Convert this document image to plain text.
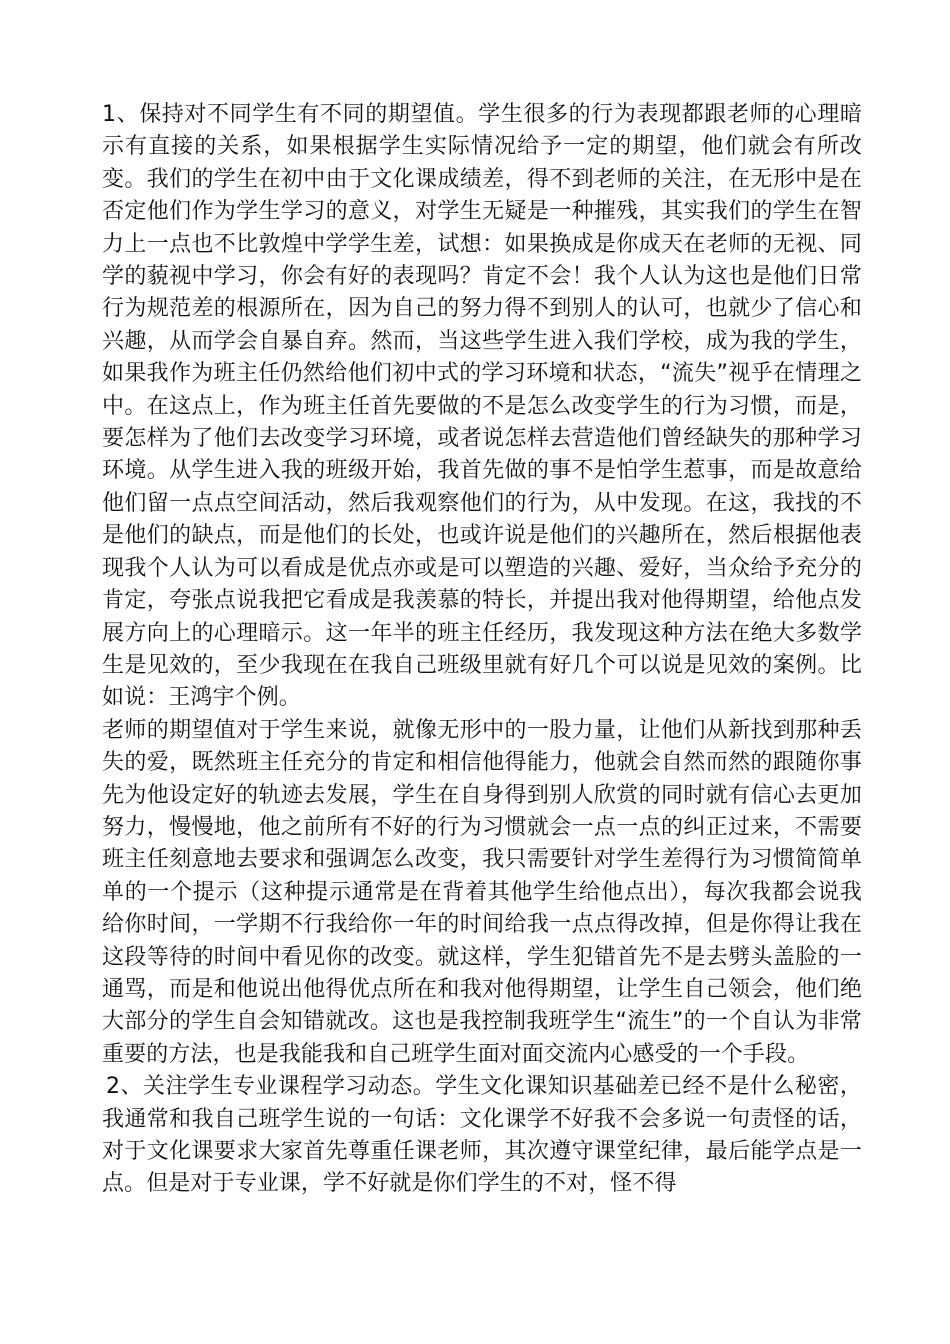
1、保持对不同学生有不同的期望值。学生很多的行为表现都跟老师的心理暗示有直接的关系，如果根据学生实际情况给予一定的期望，他们就会有所改变。我们的学生在初中由于文化课成绩差，得不到老师的关注，在无形中是在否定他们作为学生学习的意义，对学生无疑是一种摧残，其实我们的学生在智力上一点也不比敦煌中学学生差，试想：如果换成是你成天在老师的无视、同学的藐视中学习，你会有好的表现吗？肯定不会！我个人认为这也是他们日常行为规范差的根源所在，因为自己的努力得不到别人的认可，也就少了信心和兴趣，从而学会自暴自弃。然而，当这些学生进入我们学校，成为我的学生，如果我作为班主任仍然给他们初中式的学习环境和状态，“流失”视乎在情理之中。在这点上，作为班主任首先要做的不是怎么改变学生的行为习惯，而是，要怎样为了他们去改变学习环境，或者说怎样去营造他们曾经缺失的那种学习环境。从学生进入我的班级开始，我首先做的事不是怕学生惹事，而是故意给他们留一点点空间活动，然后我观察他们的行为，从中发现。在这，我找的不是他们的缺点，而是他们的长处，也或许说是他们的兴趣所在，然后根据他表现我个人认为可以看成是优点亦或是可以塑造的兴趣、爱好，当众给予充分的肯定，夸张点说我把它看成是我羡慕的特长，并提出我对他得期望，给他点发展方向上的心理暗示。这一年半的班主任经历，我发现这种方法在绝大多数学生是见效的，至少我现在在我自己班级里就有好几个可以说是见效的案例。比如说：王鸿宇个例。

老师的期望值对于学生来说，就像无形中的一股力量，让他们从新找到那种丢失的爱，既然班主任充分的肯定和相信他得能力，他就会自然而然的跟随你事先为他设定好的轨迹去发展，学生在自身得到别人欣赏的同时就有信心去更加努力，慢慢地，他之前所有不好的行为习惯就会一点一点的纠正过来，不需要班主任刻意地去要求和强调怎么改变，我只需要针对学生差得行为习惯简简单单的一个提示（这种提示通常是在背着其他学生给他点出），每次我都会说我给你时间，一学期不行我给你一年的时间给我一点点得改掉，但是你得让我在这段等待的时间中看见你的改变。就这样，学生犯错首先不是去劈头盖脸的一通骂，而是和他说出他得优点所在和我对他得期望，让学生自己领会，他们绝大部分的学生自会知错就改。这也是我控制我班学生“流生”的一个自认为非常重要的方法，也是我能我和自己班学生面对面交流内心感受的一个手段。

2、关注学生专业课程学习动态。学生文化课知识基础差已经不是什么秘密，我通常和我自己班学生说的一句话：文化课学不好我不会多说一句责怪的话，对于文化课要求大家首先尊重任课老师，其次遵守课堂纪律，最后能学点是一点。但是对于专业课，学不好就是你们学生的不对，怪不得
